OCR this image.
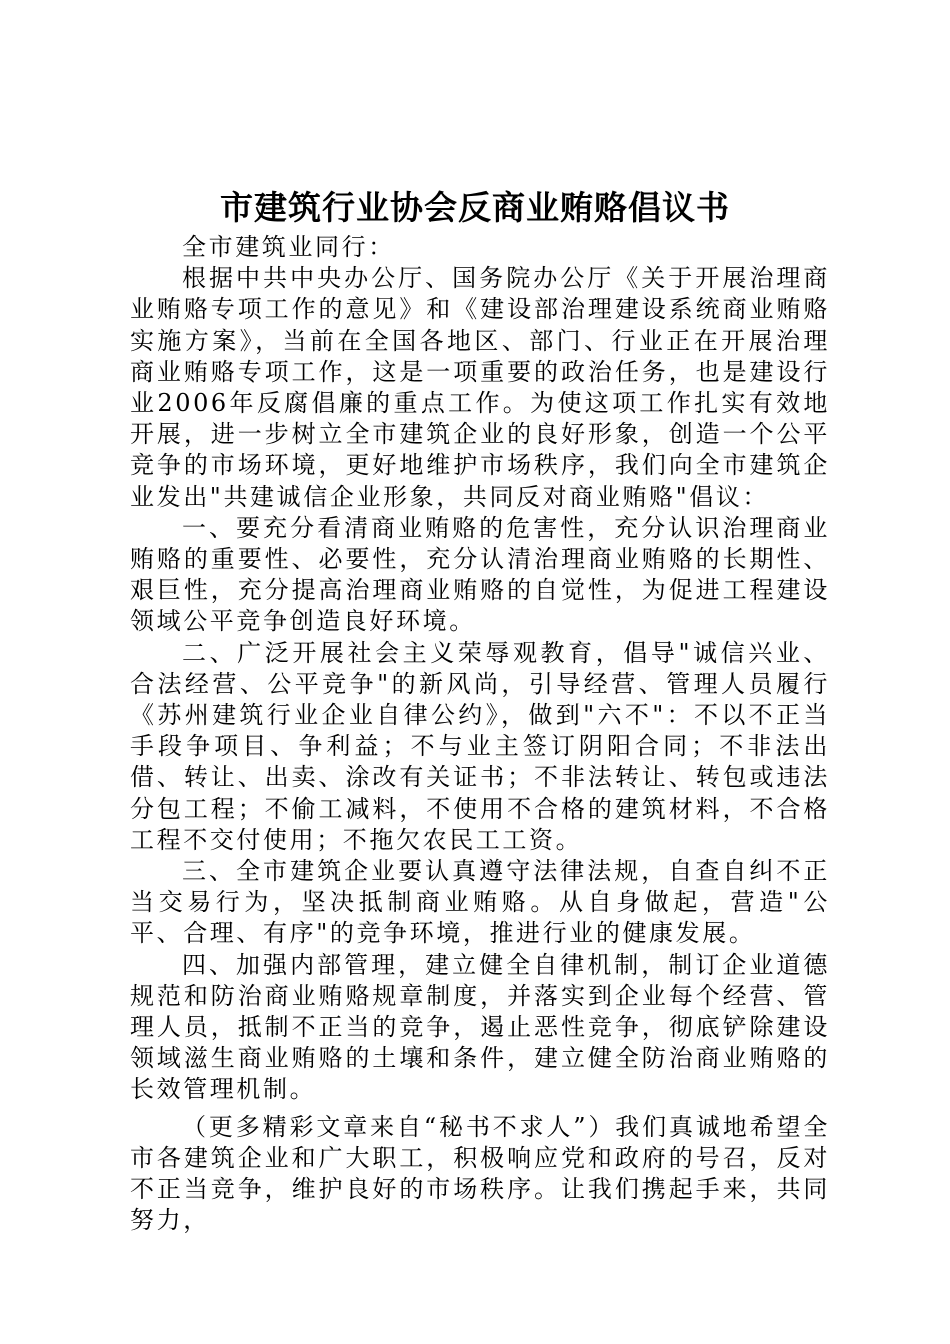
市建筑行业协会反商业贿赂倡议书

全市建筑业同行：

根据中共中央办公厅、国务院办公厅《关于开展治理商业贿赂专项工作的意见》和《建设部治理建设系统商业贿赂实施方案》，当前在全国各地区、部门、行业正在开展治理商业贿赂专项工作，这是一项重要的政治任务，也是建设行业2006年反腐倡廉的重点工作。为使这项工作扎实有效地开展，进一步树立全市建筑企业的良好形象，创造一个公平竞争的市场环境，更好地维护市场秩序，我们向全市建筑企业发出"共建诚信企业形象，共同反对商业贿赂"倡议：

一、要充分看清商业贿赂的危害性，充分认识治理商业贿赂的重要性、必要性，充分认清治理商业贿赂的长期性、艰巨性，充分提高治理商业贿赂的自觉性，为促进工程建设领域公平竞争创造良好环境。

二、广泛开展社会主义荣辱观教育，倡导"诚信兴业、合法经营、公平竞争"的新风尚，引导经营、管理人员履行《苏州建筑行业企业自律公约》，做到"六不"：不以不正当手段争项目、争利益；不与业主签订阴阳合同；不非法出借、转让、出卖、涂改有关证书；不非法转让、转包或违法分包工程；不偷工减料，不使用不合格的建筑材料，不合格工程不交付使用；不拖欠农民工工资。

三、全市建筑企业要认真遵守法律法规，自查自纠不正当交易行为，坚决抵制商业贿赂。从自身做起，营造"公平、合理、有序"的竞争环境，推进行业的健康发展。

四、加强内部管理，建立健全自律机制，制订企业道德规范和防治商业贿赂规章制度，并落实到企业每个经营、管理人员，抵制不正当的竞争，遏止恶性竞争，彻底铲除建设领域滋生商业贿赂的土壤和条件，建立健全防治商业贿赂的长效管理机制。

（更多精彩文章来自“秘书不求人”）我们真诚地希望全市各建筑企业和广大职工，积极响应党和政府的号召，反对不正当竞争，维护良好的市场秩序。让我们携起手来，共同努力，
